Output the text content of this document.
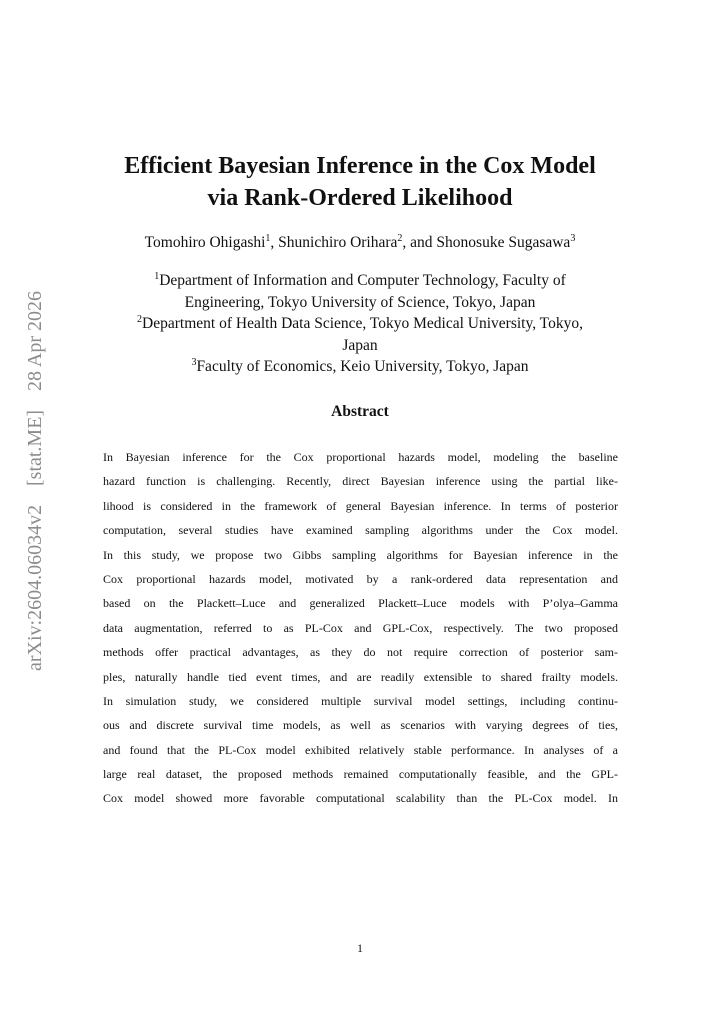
arXiv:2604.06034v2 [stat.ME] 28 Apr 2026
Efficient Bayesian Inference in the Cox Model
via Rank-Ordered Likelihood
Tomohiro Ohigashi$^1$, Shunichiro Orihara$^2$, and Shonosuke Sugasawa$^3$
$^1$Department of Information and Computer Technology, Faculty of
Engineering, Tokyo University of Science, Tokyo, Japan
$^2$Department of Health Data Science, Tokyo Medical University, Tokyo,
Japan
$^3$Faculty of Economics, Keio University, Tokyo, Japan
Abstract
In Bayesian inference for the Cox proportional hazards model, modeling the baseline
hazard function is challenging. Recently, direct Bayesian inference using the partial like-
lihood is considered in the framework of general Bayesian inference. In terms of posterior
computation, several studies have examined sampling algorithms under the Cox model.
In this study, we propose two Gibbs sampling algorithms for Bayesian inference in the
Cox proportional hazards model, motivated by a rank-ordered data representation and
based on the Plackett–Luce and generalized Plackett–Luce models with P’olya–Gamma
data augmentation, referred to as PL-Cox and GPL-Cox, respectively. The two proposed
methods offer practical advantages, as they do not require correction of posterior sam-
ples, naturally handle tied event times, and are readily extensible to shared frailty models.
In simulation study, we considered multiple survival model settings, including continu-
ous and discrete survival time models, as well as scenarios with varying degrees of ties,
and found that the PL-Cox model exhibited relatively stable performance. In analyses of a
large real dataset, the proposed methods remained computationally feasible, and the GPL-
Cox model showed more favorable computational scalability than the PL-Cox model. In
1
